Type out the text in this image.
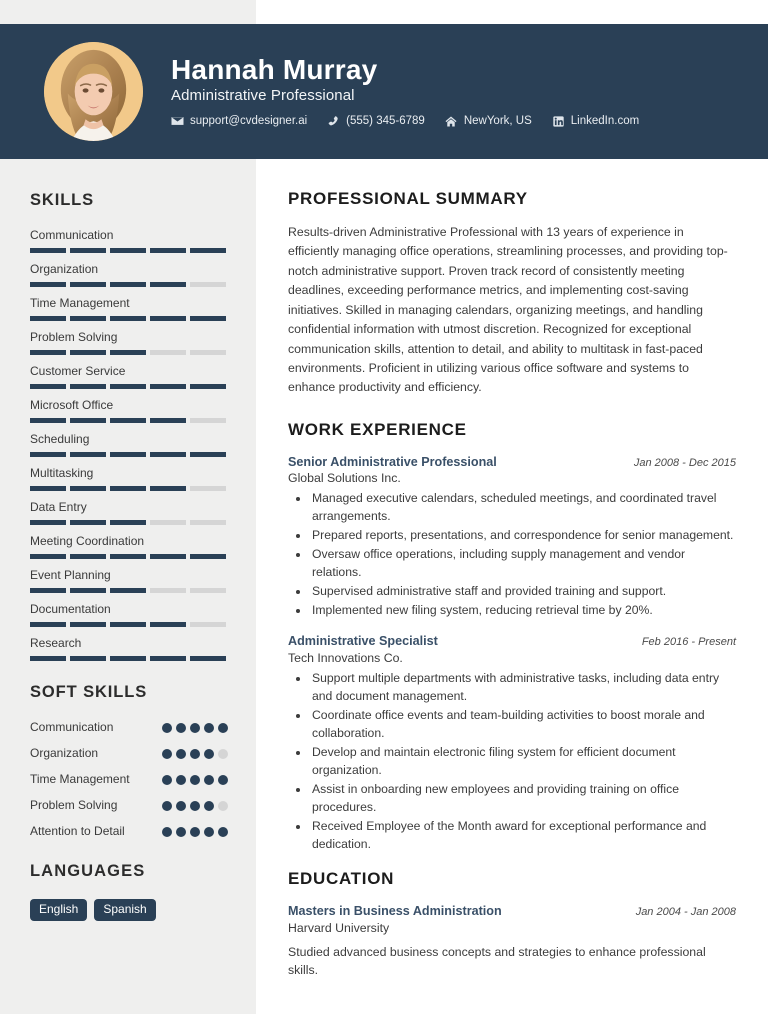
Hannah Murray
Administrative Professional
support@cvdesigner.ai	(555) 345-6789	NewYork, US	LinkedIn.com
SKILLS
Communication
Organization
Time Management
Problem Solving
Customer Service
Microsoft Office
Scheduling
Multitasking
Data Entry
Meeting Coordination
Event Planning
Documentation
Research
SOFT SKILLS
Communication
Organization
Time Management
Problem Solving
Attention to Detail
LANGUAGES
English	Spanish
PROFESSIONAL SUMMARY

Results-driven Administrative Professional with 13 years of experience in efficiently managing office operations, streamlining processes, and providing top-notch administrative support. Proven track record of consistently meeting deadlines, exceeding performance metrics, and implementing cost-saving initiatives. Skilled in managing calendars, organizing meetings, and handling confidential information with utmost discretion. Recognized for exceptional communication skills, attention to detail, and ability to multitask in fast-paced environments. Proficient in utilizing various office software and systems to enhance productivity and efficiency.

WORK EXPERIENCE
Senior Administrative Professional	Jan 2008 - Dec 2015
Global Solutions Inc.
• Managed executive calendars, scheduled meetings, and coordinated travel arrangements.
• Prepared reports, presentations, and correspondence for senior management.
• Oversaw office operations, including supply management and vendor relations.
• Supervised administrative staff and provided training and support.
• Implemented new filing system, reducing retrieval time by 20%.
Administrative Specialist	Feb 2016 - Present
Tech Innovations Co.
• Support multiple departments with administrative tasks, including data entry and document management.
• Coordinate office events and team-building activities to boost morale and collaboration.
• Develop and maintain electronic filing system for efficient document organization.
• Assist in onboarding new employees and providing training on office procedures.
• Received Employee of the Month award for exceptional performance and dedication.
EDUCATION
Masters in Business Administration	Jan 2004 - Jan 2008
Harvard University
Studied advanced business concepts and strategies to enhance professional skills.
